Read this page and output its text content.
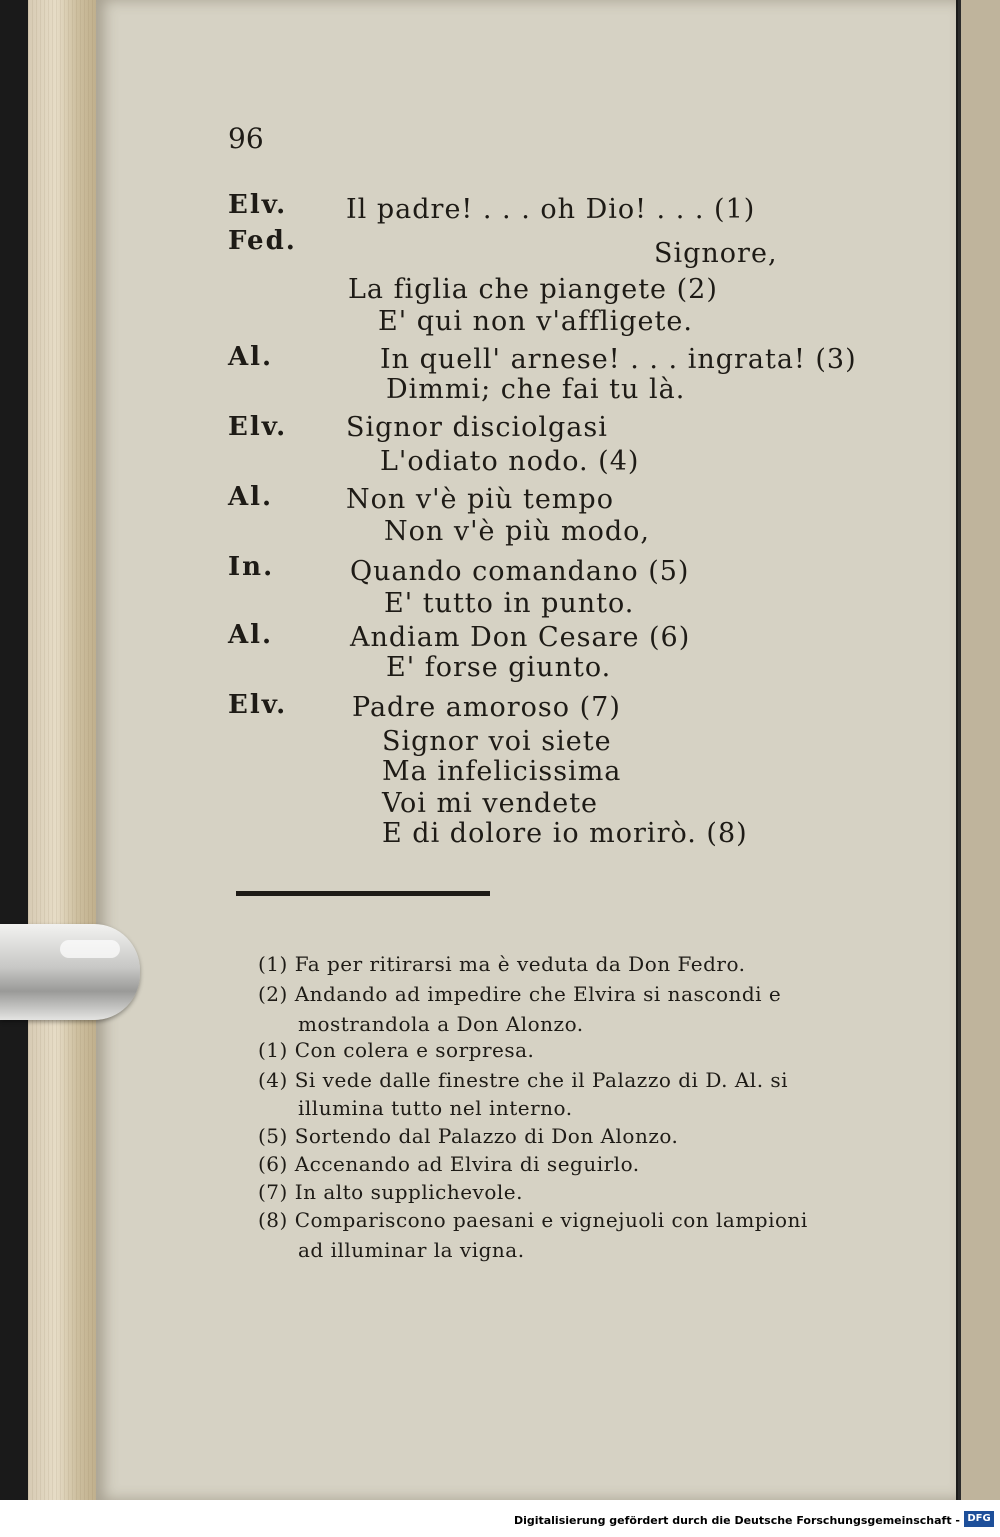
96
Elv.
Fed.
Al.
Elv.
Al.
In.
Al.
Elv.
Il padre! . . . oh Dio! . . . (1)
Signore,
La figlia che piangete (2)
E' qui non v'affligete.
In quell' arnese! . . . ingrata! (3)
Dimmi; che fai tu là.
Signor disciolgasi
L'odiato nodo. (4)
Non v'è più tempo
Non v'è più modo,
Quando comandano (5)
E' tutto in punto.
Andiam Don Cesare (6)
E' forse giunto.
Padre amoroso (7)
Signor voi siete
Ma infelicissima
Voi mi vendete
E di dolore io morirò. (8)
(1) Fa per ritirarsi ma è veduta da Don Fedro.
(2) Andando ad impedire che Elvira si nascondi e
mostrandola a Don Alonzo.
(1) Con colera e sorpresa.
(4) Si vede dalle finestre che il Palazzo di D. Al. si
illumina tutto nel interno.
(5) Sortendo dal Palazzo di Don Alonzo.
(6) Accenando ad Elvira di seguirlo.
(7) In alto supplichevole.
(8) Compariscono paesani e vignejuoli con lampioni
ad illuminar la vigna.
Digitalisierung gefördert durch die Deutsche Forschungsgemeinschaft - DFG
